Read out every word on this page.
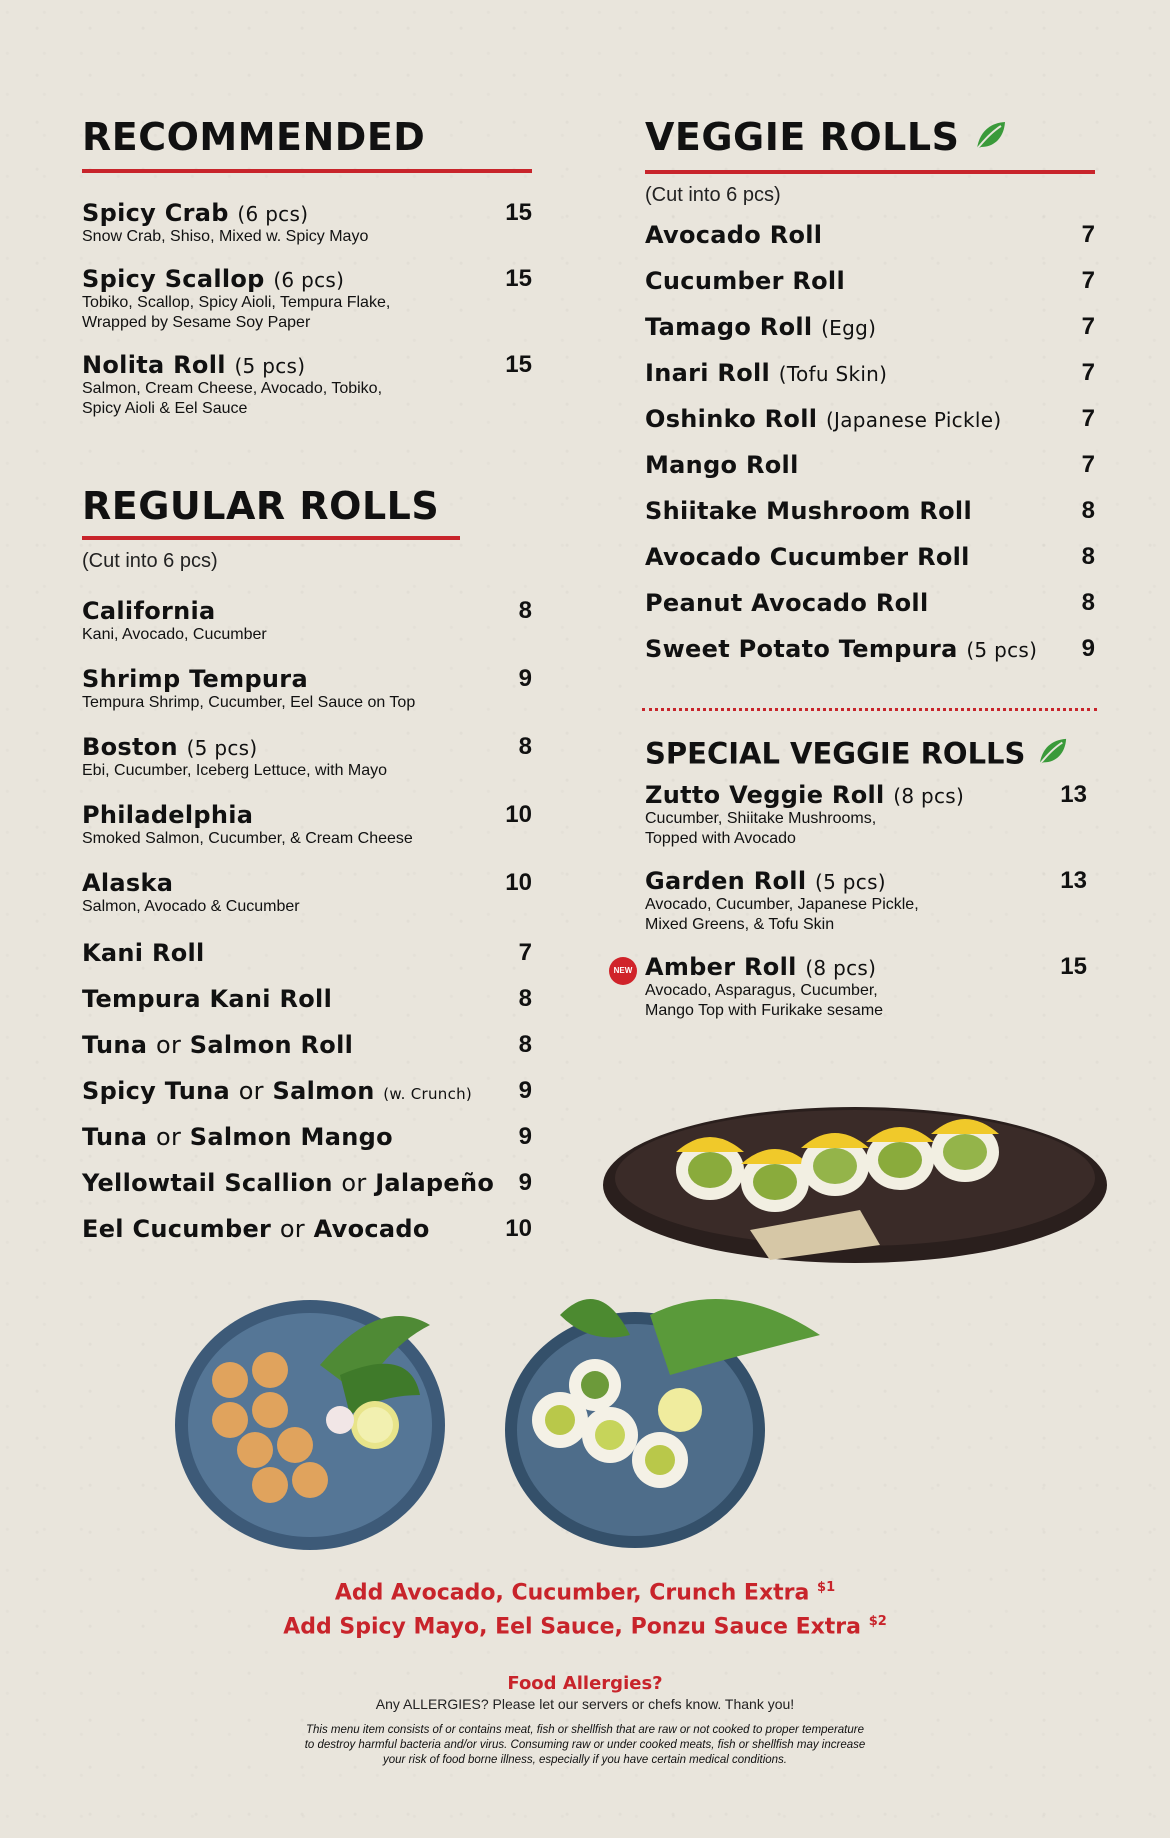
RECOMMENDED
Spicy Crab (6 pcs)
Snow Crab, Shiso, Mixed w. Spicy Mayo
15
Spicy Scallop (6 pcs)
Tobiko, Scallop, Spicy Aioli, Tempura Flake,
Wrapped by Sesame Soy Paper
15
Nolita Roll (5 pcs)
Salmon, Cream Cheese, Avocado, Tobiko,
Spicy Aioli & Eel Sauce
15
REGULAR ROLLS
(Cut into 6 pcs)
California
Kani, Avocado, Cucumber
8
Shrimp Tempura
Tempura Shrimp, Cucumber, Eel Sauce on Top
9
Boston (5 pcs)
Ebi, Cucumber, Iceberg Lettuce, with Mayo
8
Philadelphia
Smoked Salmon, Cucumber, & Cream Cheese
10
Alaska
Salmon, Avocado & Cucumber
10
Kani Roll	7
Tempura Kani Roll	8
Tuna or Salmon Roll	8
Spicy Tuna or Salmon (w. Crunch)	9
Tuna or Salmon Mango	9
Yellowtail Scallion or Jalapeño	9
Eel Cucumber or Avocado	10
VEGGIE ROLLS
(Cut into 6 pcs)
Avocado Roll	7
Cucumber Roll	7
Tamago Roll (Egg)	7
Inari Roll (Tofu Skin)	7
Oshinko Roll (Japanese Pickle)	7
Mango Roll	7
Shiitake Mushroom Roll	8
Avocado Cucumber Roll	8
Peanut Avocado Roll	8
Sweet Potato Tempura (5 pcs)	9
SPECIAL VEGGIE ROLLS
Zutto Veggie Roll (8 pcs)
Cucumber, Shiitake Mushrooms,
Topped with Avocado
13
Garden Roll (5 pcs)
Avocado, Cucumber, Japanese Pickle,
Mixed Greens, & Tofu Skin
13
NEW Amber Roll (8 pcs)
Avocado, Asparagus, Cucumber,
Mango Top with Furikake sesame
15
Add Avocado, Cucumber, Crunch Extra $^{\$1}$
Add Spicy Mayo, Eel Sauce, Ponzu Sauce Extra $^{\$2}$
Food Allergies?
Any ALLERGIES? Please let our servers or chefs know. Thank you!
This menu item consists of or contains meat, fish or shellfish that are raw or not cooked to proper temperature to destroy harmful bacteria and/or virus. Consuming raw or under cooked meats, fish or shellfish may increase your risk of food borne illness, especially if you have certain medical conditions.
